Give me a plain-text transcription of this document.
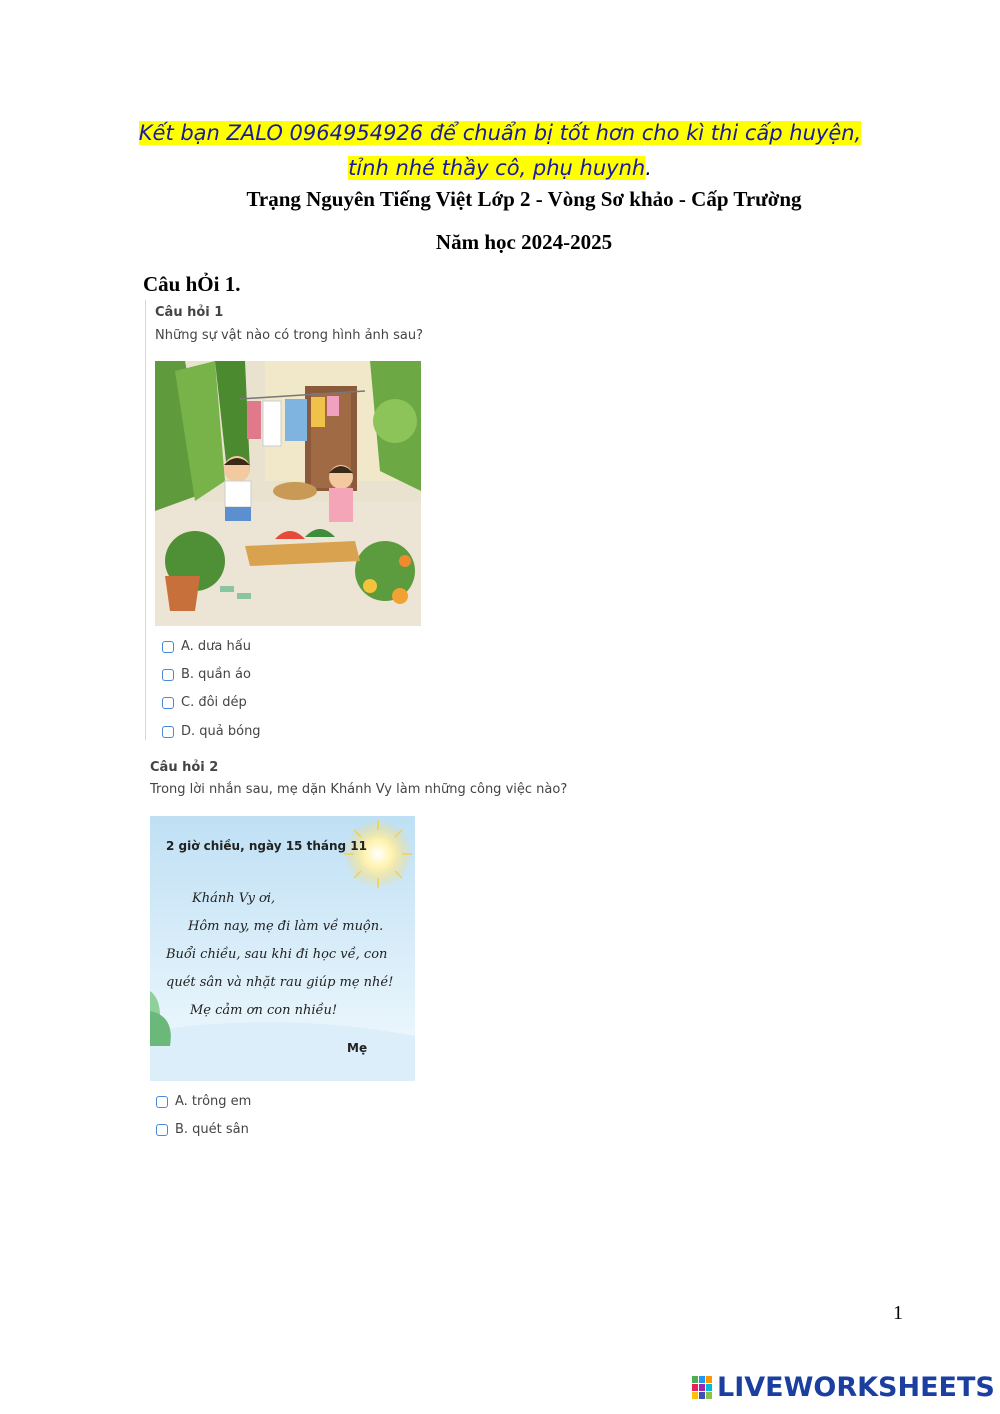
Kết bạn ZALO 0964954926 để chuẩn bị tốt hơn cho kì thi cấp huyện,
tỉnh nhé thầy cô, phụ huynh.
Trạng Nguyên Tiếng Việt Lớp 2 - Vòng Sơ khảo - Cấp Trường
Năm học 2024-2025
Câu hỎi 1.
Câu hỏi 1
Những sự vật nào có trong hình ảnh sau?
A. dưa hấu
B. quần áo
C. đôi dép
D. quả bóng
Câu hỏi 2
Trong lời nhắn sau, mẹ dặn Khánh Vy làm những công việc nào?
2 giờ chiều, ngày 15 tháng 11
Khánh Vy ơi,
Hôm nay, mẹ đi làm về muộn.
Buổi chiều, sau khi đi học về, con
quét sân và nhặt rau giúp mẹ nhé!
Mẹ cảm ơn con nhiều!
Mẹ
A. trông em
B. quét sân
1
LIVEWORKSHEETS
